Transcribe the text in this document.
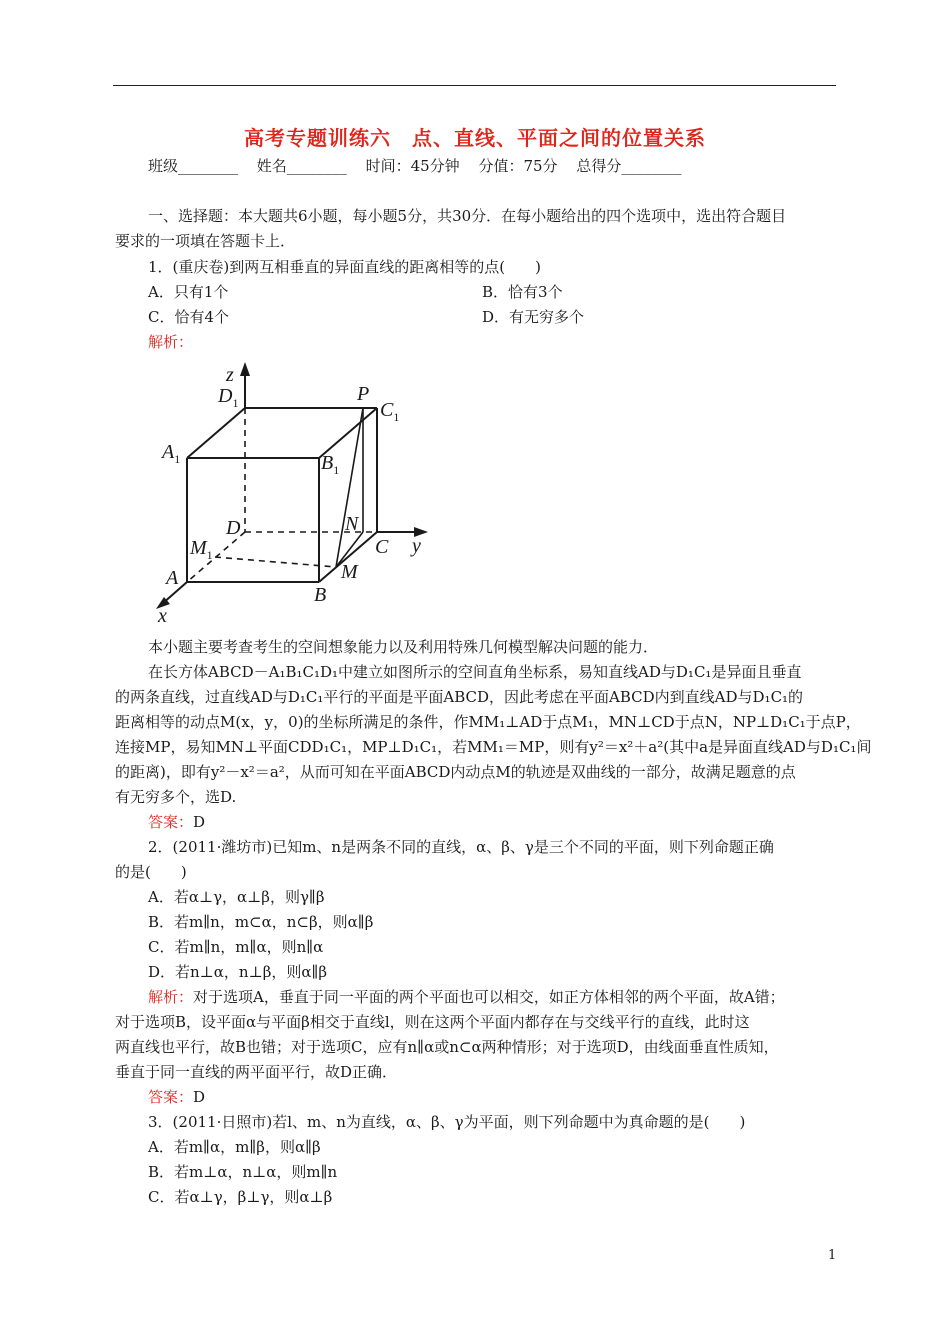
高考专题训练六　点、直线、平面之间的位置关系
班级________ 姓名________ 时间：45分钟 分值：75分 总得分________
一、选择题：本大题共6小题，每小题5分，共30分．在每小题给出的四个选项中，选出符合题目
要求的一项填在答题卡上．
1．(重庆卷)到两互相垂直的异面直线的距离相等的点(　　)
A．只有1个	B．恰有3个
C．恰有4个	D．有无穷多个
解析：
z
y
x
$D_1$	$C_1$
$A_1$	$B_1$
P
D	N
C
$M_1$
A
B
M
本小题主要考查考生的空间想象能力以及利用特殊几何模型解决问题的能力．
在长方体ABCD－A₁B₁C₁D₁中建立如图所示的空间直角坐标系，易知直线AD与D₁C₁是异面且垂直
的两条直线，过直线AD与D₁C₁平行的平面是平面ABCD，因此考虑在平面ABCD内到直线AD与D₁C₁的
距离相等的动点M(x，y，0)的坐标所满足的条件，作MM₁⊥AD于点M₁，MN⊥CD于点N，NP⊥D₁C₁于点P，
连接MP，易知MN⊥平面CDD₁C₁，MP⊥D₁C₁，若MM₁＝MP，则有y²＝x²＋a²(其中a是异面直线AD与D₁C₁间
的距离)，即有y²－x²＝a²，从而可知在平面ABCD内动点M的轨迹是双曲线的一部分，故满足题意的点
有无穷多个，选D.
答案：D
2．(2011·潍坊市)已知m、n是两条不同的直线，α、β、γ是三个不同的平面，则下列命题正确
的是(　　)
A．若α⊥γ，α⊥β，则γ∥β
B．若m∥n，m⊂α，n⊂β，则α∥β
C．若m∥n，m∥α，则n∥α
D．若n⊥α，n⊥β，则α∥β
解析：对于选项A，垂直于同一平面的两个平面也可以相交，如正方体相邻的两个平面，故A错；
对于选项B，设平面α与平面β相交于直线l，则在这两个平面内都存在与交线平行的直线，此时这
两直线也平行，故B也错；对于选项C，应有n∥α或n⊂α两种情形；对于选项D，由线面垂直性质知，
垂直于同一直线的两平面平行，故D正确．
答案：D
3．(2011·日照市)若l、m、n为直线，α、β、γ为平面，则下列命题中为真命题的是(　　)
A．若m∥α，m∥β，则α∥β
B．若m⊥α，n⊥α，则m∥n
C．若α⊥γ，β⊥γ，则α⊥β
1
